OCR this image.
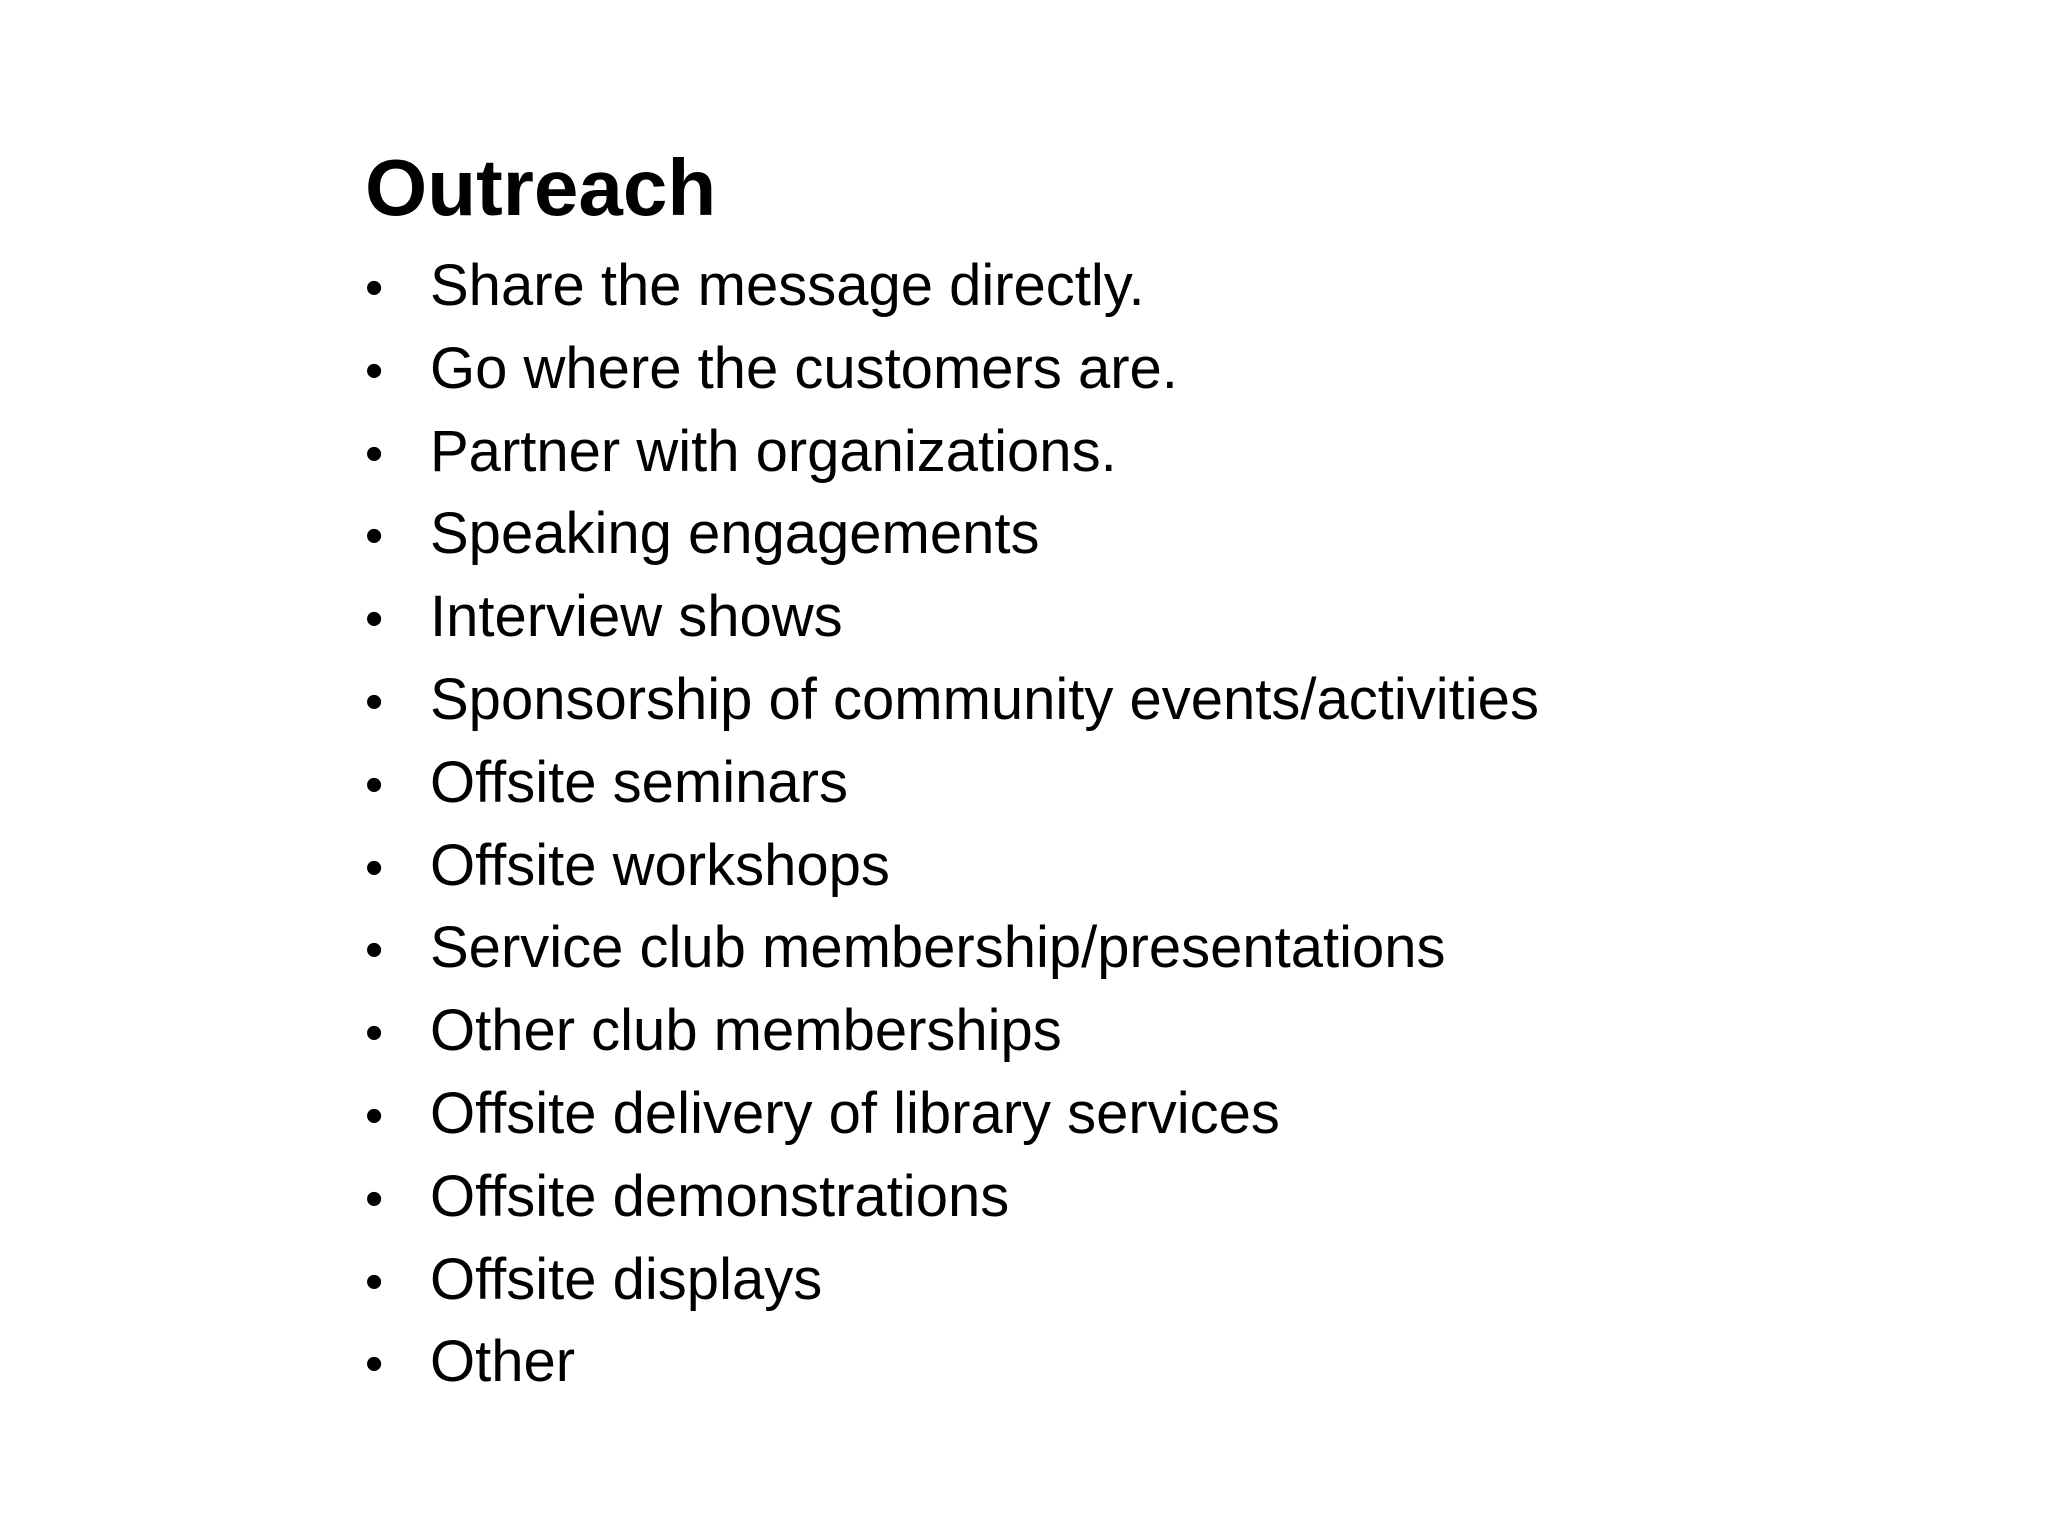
Outreach
• Share the message directly.
• Go where the customers are.
• Partner with organizations.
• Speaking engagements
• Interview shows
• Sponsorship of community events/activities
• Offsite seminars
• Offsite workshops
• Service club membership/presentations
• Other club memberships
• Offsite delivery of library services
• Offsite demonstrations
• Offsite displays
• Other
